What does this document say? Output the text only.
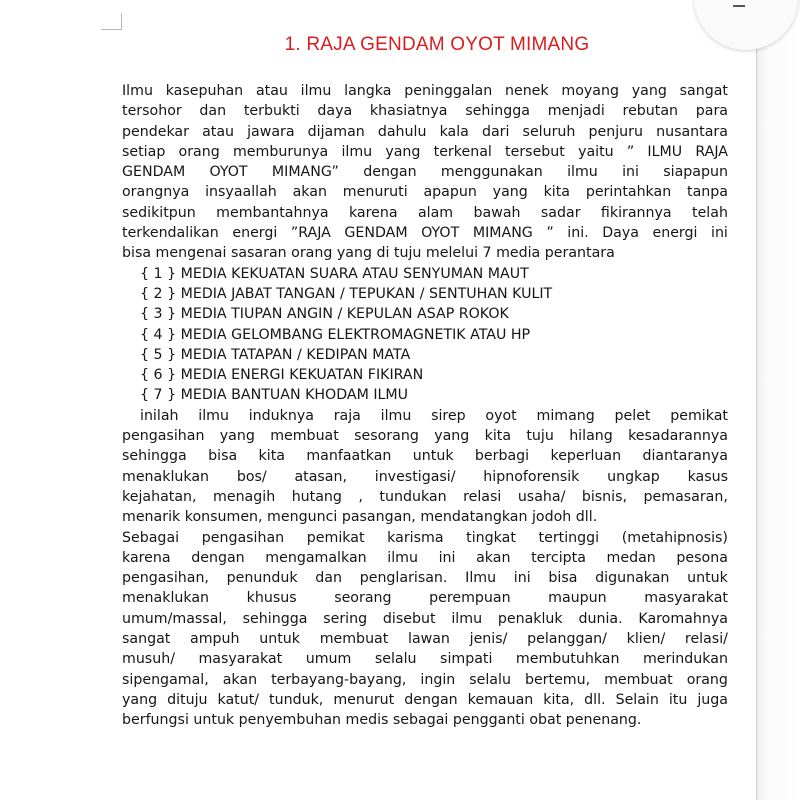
1. RAJA GENDAM OYOT MIMANG
Ilmu kasepuhan atau ilmu langka peninggalan nenek moyang yang sangat
tersohor dan terbukti daya khasiatnya sehingga menjadi rebutan para
pendekar atau jawara dijaman dahulu kala dari seluruh penjuru nusantara
setiap orang memburunya ilmu yang terkenal tersebut yaitu ” ILMU RAJA
GENDAM OYOT MIMANG” dengan menggunakan ilmu ini siapapun
orangnya insyaallah akan menuruti apapun yang kita perintahkan tanpa
sedikitpun membantahnya karena alam bawah sadar fikirannya telah
terkendalikan energi ”RAJA GENDAM OYOT MIMANG ” ini. Daya energi ini
bisa mengenai sasaran orang yang di tuju melelui 7 media perantara
{ 1 } MEDIA KEKUATAN SUARA ATAU SENYUMAN MAUT
{ 2 } MEDIA JABAT TANGAN / TEPUKAN / SENTUHAN KULIT
{ 3 } MEDIA TIUPAN ANGIN / KEPULAN ASAP ROKOK
{ 4 } MEDIA GELOMBANG ELEKTROMAGNETIK ATAU HP
{ 5 } MEDIA TATAPAN / KEDIPAN MATA
{ 6 } MEDIA ENERGI KEKUATAN FIKIRAN
{ 7 } MEDIA BANTUAN KHODAM ILMU
inilah ilmu induknya raja ilmu sirep oyot mimang pelet pemikat
pengasihan yang membuat sesorang yang kita tuju hilang kesadarannya
sehingga bisa kita manfaatkan untuk berbagi keperluan diantaranya
menaklukan bos/ atasan, investigasi/ hipnoforensik ungkap kasus
kejahatan, menagih hutang , tundukan relasi usaha/ bisnis, pemasaran,
menarik konsumen, mengunci pasangan, mendatangkan jodoh dll.
Sebagai pengasihan pemikat karisma tingkat tertinggi (metahipnosis)
karena dengan mengamalkan ilmu ini akan tercipta medan pesona
pengasihan, penunduk dan penglarisan. Ilmu ini bisa digunakan untuk
menaklukan	khusus	seorang	perempuan	maupun	masyarakat
umum/massal, sehingga sering disebut ilmu penakluk dunia. Karomahnya
sangat ampuh untuk membuat lawan jenis/ pelanggan/ klien/ relasi/
musuh/ masyarakat umum selalu simpati membutuhkan merindukan
sipengamal, akan terbayang-bayang, ingin selalu bertemu, membuat orang
yang dituju katut/ tunduk, menurut dengan kemauan kita, dll. Selain itu juga
berfungsi untuk penyembuhan medis sebagai pengganti obat penenang.
